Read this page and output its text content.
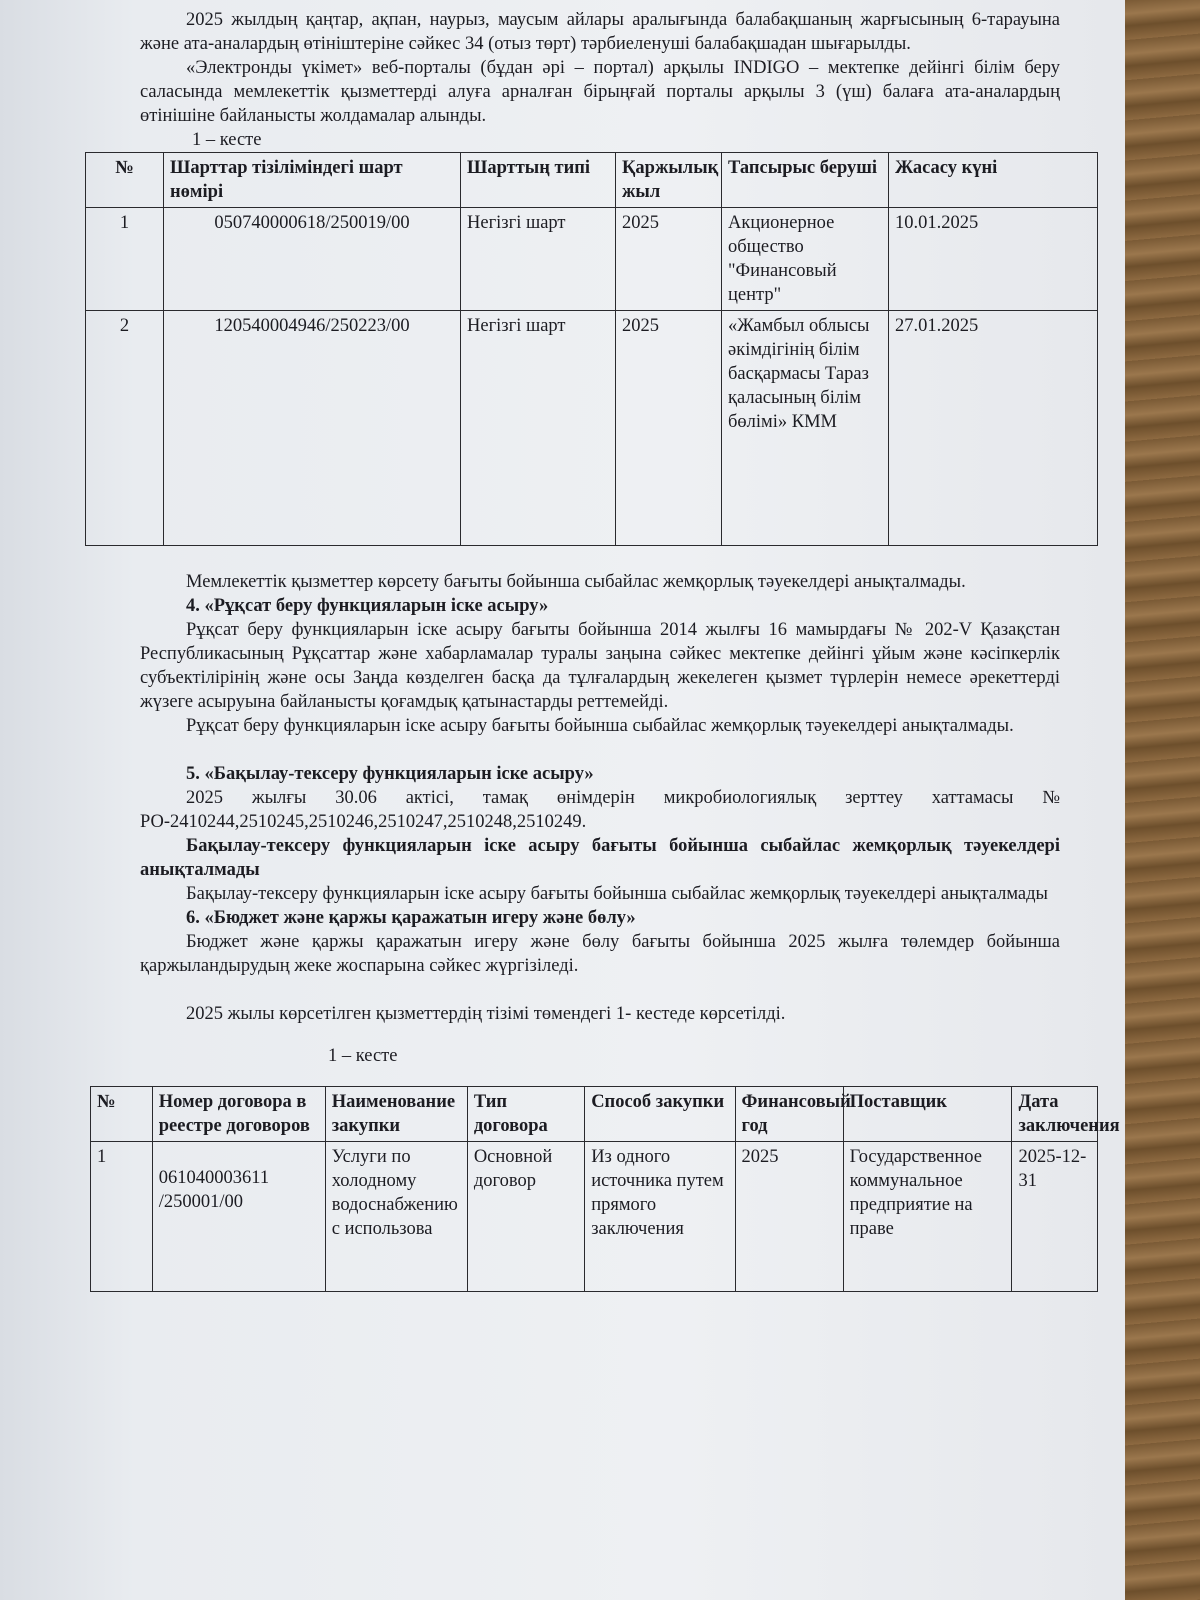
2025 жылдың қаңтар, ақпан, наурыз, маусым айлары аралығында балабақшаның жарғысының 6-тарауына және ата-аналардың өтініштеріне сәйкес 34 (отыз төрт) тәрбиеленуші балабақшадан шығарылды.

«Электронды үкімет» веб-порталы (бұдан әрі – портал) арқылы INDIGO – мектепке дейінгі білім беру саласында мемлекеттік қызметтерді алуға арналған бірыңғай порталы арқылы 3 (үш) балаға ата-аналардың өтінішіне байланысты жолдамалар алынды.

1 – кесте

№	Шарттар тізіліміндегі шарт нөмірі	Шарттың типі	Қаржылық жыл	Тапсырыс беруші	Жасасу күні
1	050740000618/250019/00	Негізгі шарт	2025	Акционерное общество "Финансовый центр"	10.01.2025
2	120540004946/250223/00	Негізгі шарт	2025	«Жамбыл облысы әкімдігінің білім басқармасы Тараз қаласының білім бөлімі» КММ	27.01.2025

Мемлекеттік қызметтер көрсету бағыты бойынша сыбайлас жемқорлық тәуекелдері анықталмады.

4. «Рұқсат беру функцияларын іске асыру»

Рұқсат беру функцияларын іске асыру бағыты бойынша 2014 жылғы 16 мамырдағы № 202-V Қазақстан Республикасының Рұқсаттар және хабарламалар туралы заңына сәйкес мектепке дейінгі ұйым және кәсіпкерлік субъектілірінің және осы Заңда көзделген басқа да тұлғалардың жекелеген қызмет түрлерін немесе әрекеттерді жүзеге асыруына байланысты қоғамдық қатынастарды реттемейді.

Рұқсат беру функцияларын іске асыру бағыты бойынша сыбайлас жемқорлық тәуекелдері анықталмады.

5. «Бақылау-тексеру функцияларын іске асыру»

2025 жылғы 30.06 актісі, тамақ өнімдерін микробиологиялық зерттеу хаттамасы № РО-2410244,2510245,2510246,2510247,2510248,2510249.

Бақылау-тексеру функцияларын іске асыру бағыты бойынша сыбайлас жемқорлық тәуекелдері анықталмады

Бақылау-тексеру функцияларын іске асыру бағыты бойынша сыбайлас жемқорлық тәуекелдері анықталмады

6. «Бюджет және қаржы қаражатын игеру және бөлу»

Бюджет және қаржы қаражатын игеру және бөлу бағыты бойынша 2025 жылға төлемдер бойынша қаржыландырудың жеке жоспарына сәйкес жүргізіледі.

2025 жылы көрсетілген қызметтердің тізімі төмендегі 1- кестеде көрсетілді.

1 – кесте

№	Номер договора в реестре договоров	Наименование закупки	Тип договора	Способ закупки	Финансовый год	Поставщик	Дата заключения
1	061040003611 /250001/00	Услуги по холодному водоснабжению с использова	Основной договор	Из одного источника путем прямого заключения	2025	Государственное коммунальное предприятие на праве	2025-12-31
